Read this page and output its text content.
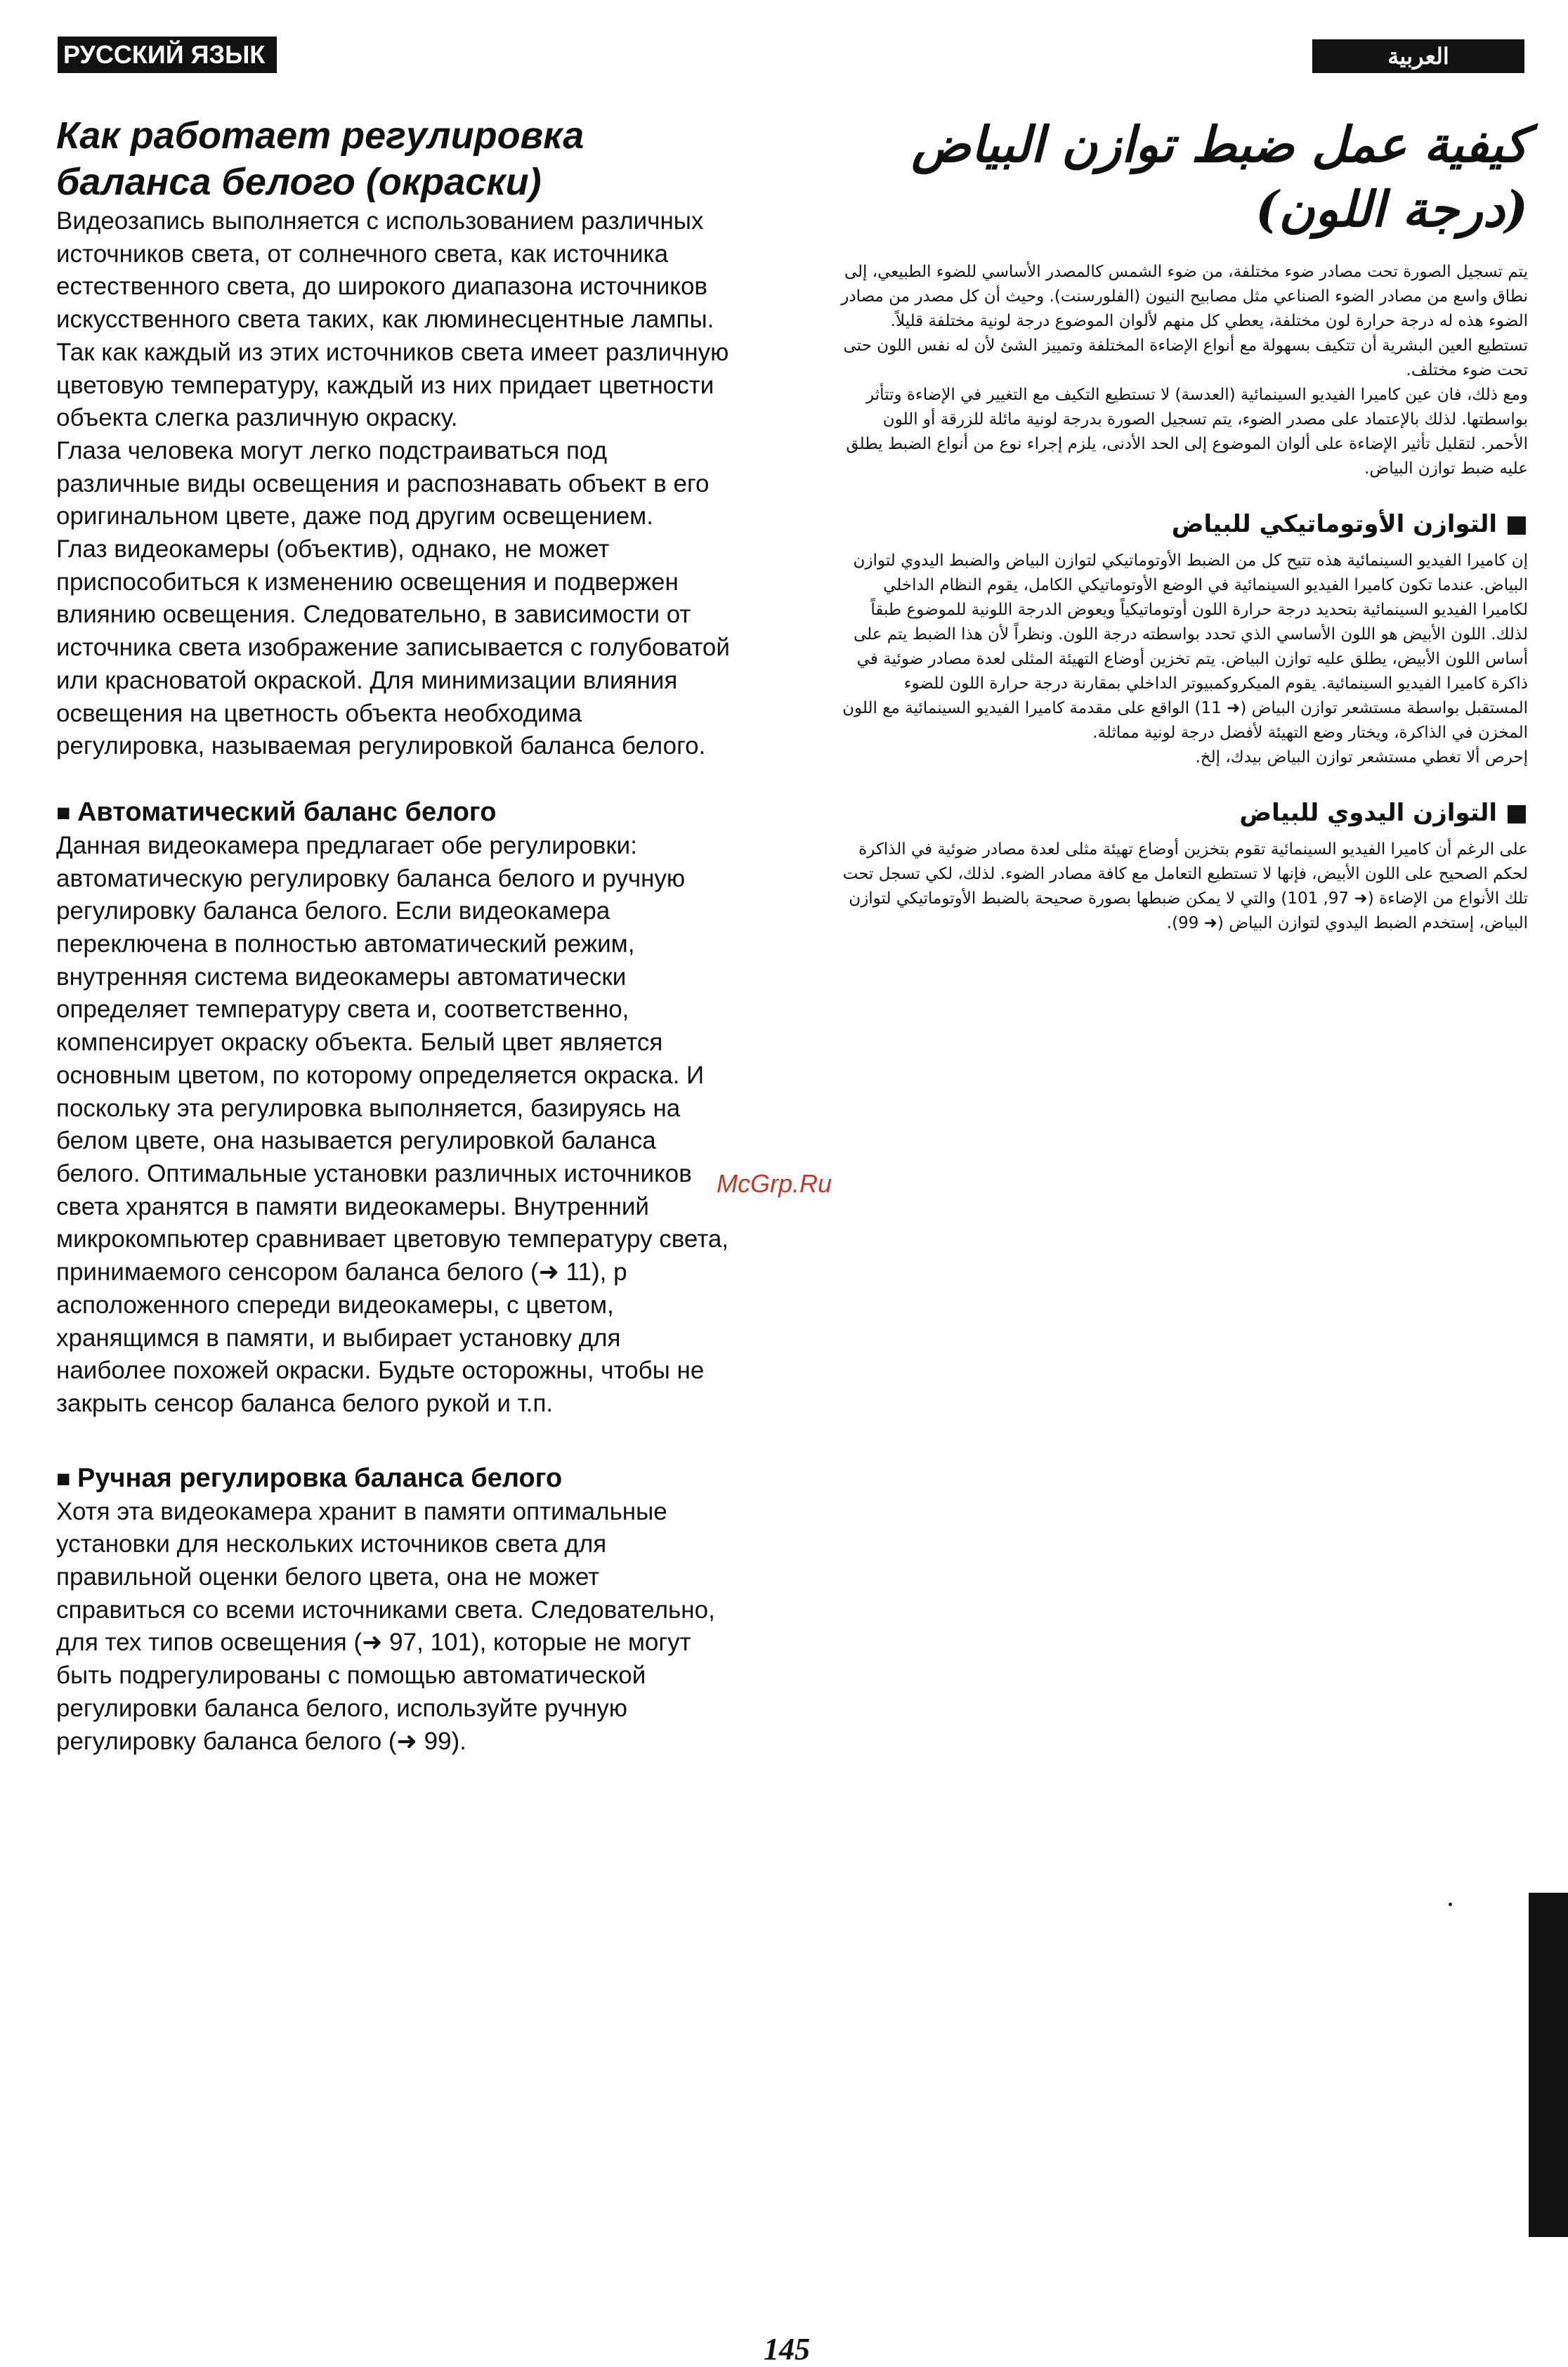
РУССКИЙ ЯЗЫК	العربية
Как работает регулировка баланса белого (окраски)

Видеозапись выполняется с использованием различных источников света, от солнечного света, как источника естественного света, до широкого диапазона источников искусственного света таких, как люминесцентные лампы. Так как каждый из этих источников света имеет различную цветовую температуру, каждый из них придает цветности объекта слегка различную окраску.

Глаза человека могут легко подстраиваться под различные виды освещения и распознавать объект в его оригинальном цвете, даже под другим освещением.

Глаз видеокамеры (объектив), однако, не может приспособиться к изменению освещения и подвержен влиянию освещения. Следовательно, в зависимости от источника света изображение записывается с голубоватой или красноватой окраской. Для минимизации влияния освещения на цветность объекта необходима регулировка, называемая регулировкой баланса белого.

■ Автоматический баланс белого

Данная видеокамера предлагает обе регулировки: автоматическую регулировку баланса белого и ручную регулировку баланса белого. Если видеокамера переключена в полностью автоматический режим, внутренняя система видеокамеры автоматически определяет температуру света и, соответственно, компенсирует окраску объекта. Белый цвет является основным цветом, по которому определяется окраска. И поскольку эта регулировка выполняется, базируясь на белом цвете, она называется регулировкой баланса белого. Оптимальные установки различных источников света хранятся в памяти видеокамеры. Внутренний микрокомпьютер сравнивает цветовую температуру света, принимаемого сенсором баланса белого (➜ 11), р асположенного спереди видеокамеры, с цветом, хранящимся в памяти, и выбирает установку для наиболее похожей окраски. Будьте осторожны, чтобы не закрыть сенсор баланса белого рукой и т.п.

■ Ручная регулировка баланса белого

Хотя эта видеокамера хранит в памяти оптимальные установки для нескольких источников света для правильной оценки белого цвета, она не может справиться со всеми источниками света. Следовательно, для тех типов освещения (➜ 97, 101), которые не могут быть подрегулированы с помощью автоматической регулировки баланса белого, используйте ручную регулировку баланса белого (➜ 99).

كيفية عمل ضبط توازن البياض (درجة اللون)

يتم تسجيل الصورة تحت مصادر ضوء مختلفة، من ضوء الشمس كالمصدر الأساسي للضوء الطبيعي، إلى نطاق واسع من مصادر الضوء الصناعي مثل مصابيح النيون (الفلورسنت). وحيث أن كل مصدر من مصادر الضوء هذه له درجة حرارة لون مختلفة، يعطي كل منهم لألوان الموضوع درجة لونية مختلفة قليلاً.

تستطيع العين البشرية أن تتكيف بسهولة مع أنواع الإضاءة المختلفة وتمييز الشئ لأن له نفس اللون حتى تحت ضوء مختلف.

ومع ذلك، فان عين كاميرا الفيديو السينمائية (العدسة) لا تستطيع التكيف مع التغيير في الإضاءة وتتأثر بواسطتها. لذلك بالإعتماد على مصدر الضوء، يتم تسجيل الصورة بدرجة لونية مائلة للزرقة أو اللون الأحمر. لتقليل تأثير الإضاءة على ألوان الموضوع إلى الحد الأدنى، يلزم إجراء نوع من أنواع الضبط يطلق عليه ضبط توازن البياض.

■ التوازن الأوتوماتيكي للبياض

إن كاميرا الفيديو السينمائية هذه تتيح كل من الضبط الأوتوماتيكي لتوازن البياض والضبط اليدوي لتوازن البياض. عندما تكون كاميرا الفيديو السينمائية في الوضع الأوتوماتيكي الكامل، يقوم النظام الداخلي لكاميرا الفيديو السينمائية بتحديد درجة حرارة اللون أوتوماتيكياً ويعوض الدرجة اللونية للموضوع طبقاً لذلك. اللون الأبيض هو اللون الأساسي الذي تحدد بواسطته درجة اللون. ونظراً لأن هذا الضبط يتم على أساس اللون الأبيض، يطلق عليه توازن البياض. يتم تخزين أوضاع التهيئة المثلى لعدة مصادر ضوئية في ذاكرة كاميرا الفيديو السينمائية. يقوم الميكروكمبيوتر الداخلي بمقارنة درجة حرارة اللون للضوء المستقبل بواسطة مستشعر توازن البياض (➜ 11) الواقع على مقدمة كاميرا الفيديو السينمائية مع اللون المخزن في الذاكرة، ويختار وضع التهيئة لأفضل درجة لونية مماثلة.

إحرص ألا تغطي مستشعر توازن البياض بيدك، إلخ.

■ التوازن اليدوي للبياض

على الرغم أن كاميرا الفيديو السينمائية تقوم بتخزين أوضاع تهيئة مثلى لعدة مصادر ضوئية في الذاكرة لحكم الصحيح على اللون الأبيض، فإنها لا تستطيع التعامل مع كافة مصادر الضوء. لذلك، لكي تسجل تحت تلك الأنواع من الإضاءة (➜ 97, 101) والتي لا يمكن ضبطها بصورة صحيحة بالضبط الأوتوماتيكي لتوازن البياض، إستخدم الضبط اليدوي لتوازن البياض (➜ 99).

McGrp.Ru
145
